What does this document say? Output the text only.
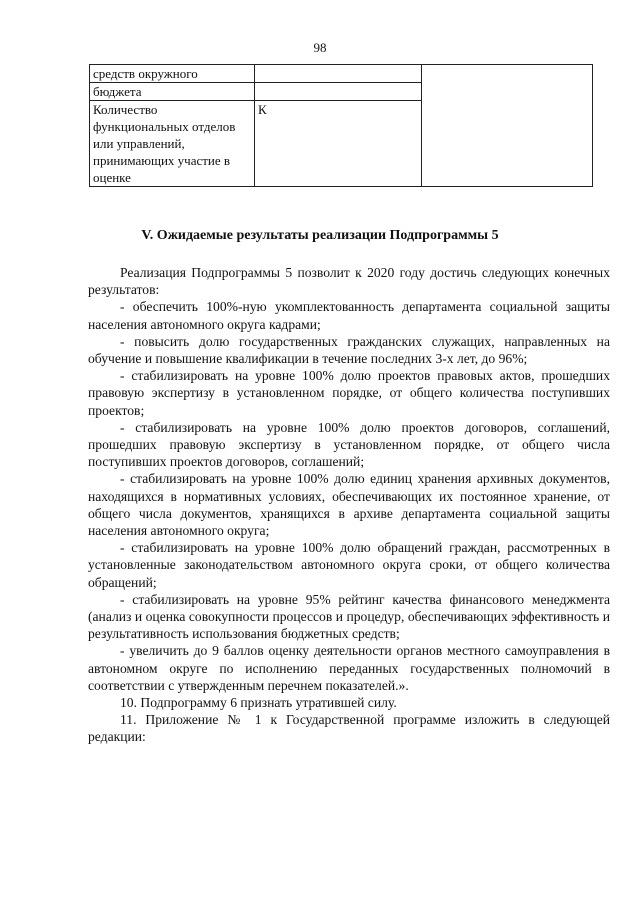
98
средств окружного		
бюджета		
Количество функциональных отделов или управлений, принимающих участие в оценке	К	
V. Ожидаемые результаты реализации Подпрограммы 5

Реализация Подпрограммы 5 позволит к 2020 году достичь следующих конечных результатов:

- обеспечить 100%-ную укомплектованность департамента социальной защиты населения автономного округа кадрами;

- повысить долю государственных гражданских служащих, направленных на обучение и повышение квалификации в течение последних 3-х лет, до 96%;

- стабилизировать на уровне 100% долю проектов правовых актов, прошедших правовую экспертизу в установленном порядке, от общего количества поступивших проектов;

- стабилизировать на уровне 100% долю проектов договоров, соглашений, прошедших правовую экспертизу в установленном порядке, от общего числа поступивших проектов договоров, соглашений;

- стабилизировать на уровне 100% долю единиц хранения архивных документов, находящихся в нормативных условиях, обеспечивающих их постоянное хранение, от общего числа документов, хранящихся в архиве департамента социальной защиты населения автономного округа;

- стабилизировать на уровне 100% долю обращений граждан, рассмотренных в установленные законодательством автономного округа сроки, от общего количества обращений;

- стабилизировать на уровне 95% рейтинг качества финансового менеджмента (анализ и оценка совокупности процессов и процедур, обеспечивающих эффективность и результативность использования бюджетных средств;

- увеличить до 9 баллов оценку деятельности органов местного самоуправления в автономном округе по исполнению переданных государственных полномочий в соответствии с утвержденным перечнем показателей.».

10. Подпрограмму 6 признать утратившей силу.

11. Приложение № 1 к Государственной программе изложить в следующей редакции:
